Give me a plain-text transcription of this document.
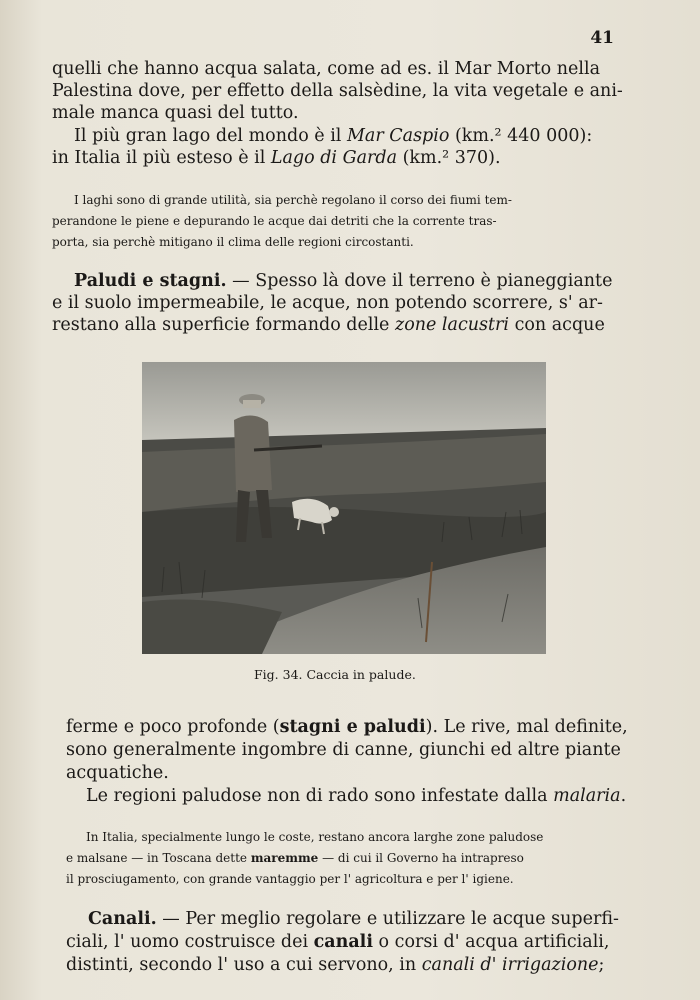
41

quelli che hanno acqua salata, come ad es. il Mar Morto nella

Palestina dove, per effetto della salsèdine, la vita vegetale e ani-

male manca quasi del tutto.

Il più gran lago del mondo è il Mar Caspio (km.² 440 000):

in Italia il più esteso è il Lago di Garda (km.² 370).

I laghi sono di grande utilità, sia perchè regolano il corso dei fiumi tem-

perandone le piene e depurando le acque dai detriti che la corrente tras-

porta, sia perchè mitigano il clima delle regioni circostanti.

Paludi e stagni. — Spesso là dove il terreno è pianeggiante

e il suolo impermeabile, le acque, non potendo scorrere, s' ar-

restano alla superficie formando delle zone lacustri con acque

Fig. 34. Caccia in palude.

ferme e poco profonde (stagni e paludi). Le rive, mal definite,

sono generalmente ingombre di canne, giunchi ed altre piante

acquatiche.

Le regioni paludose non di rado sono infestate dalla malaria.

In Italia, specialmente lungo le coste, restano ancora larghe zone paludose

e malsane — in Toscana dette maremme — di cui il Governo ha intrapreso

il prosciugamento, con grande vantaggio per l' agricoltura e per l' igiene.

Canali. — Per meglio regolare e utilizzare le acque superfi-

ciali, l' uomo costruisce dei canali o corsi d' acqua artificiali,

distinti, secondo l' uso a cui servono, in canali d' irrigazione;
